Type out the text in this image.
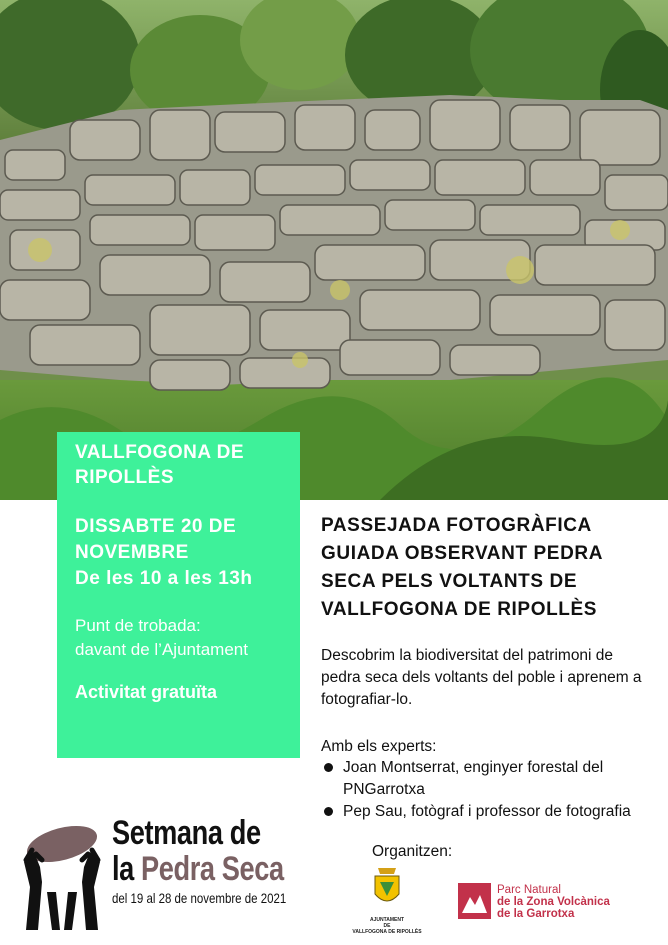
VALLFOGONA DE RIPOLLÈS

DISSABTE 20 DE NOVEMBRE
De les 10 a les 13h

Punt de trobada:
davant de l’Ajuntament

Activitat gratuïta

PASSEJADA FOTOGRÀFICA GUIADA OBSERVANT PEDRA SECA PELS VOLTANTS DE VALLFOGONA DE RIPOLLÈS

Descobrim la biodiversitat del patrimoni de pedra seca dels voltants del poble i aprenem a fotografiar-lo.

Amb els experts:

Joan Montserrat, enginyer forestal del PNGarrotxa
Pep Sau, fotògraf i professor de fotografia
Setmana de
la Pedra Seca
del 19 al 28 de novembre de 2021

Organitzen:

AJUNTAMENT
DE
VALLFOGONA DE RIPOLLÈS
Parc Natural
de la Zona Volcànica
de la Garrotxa
